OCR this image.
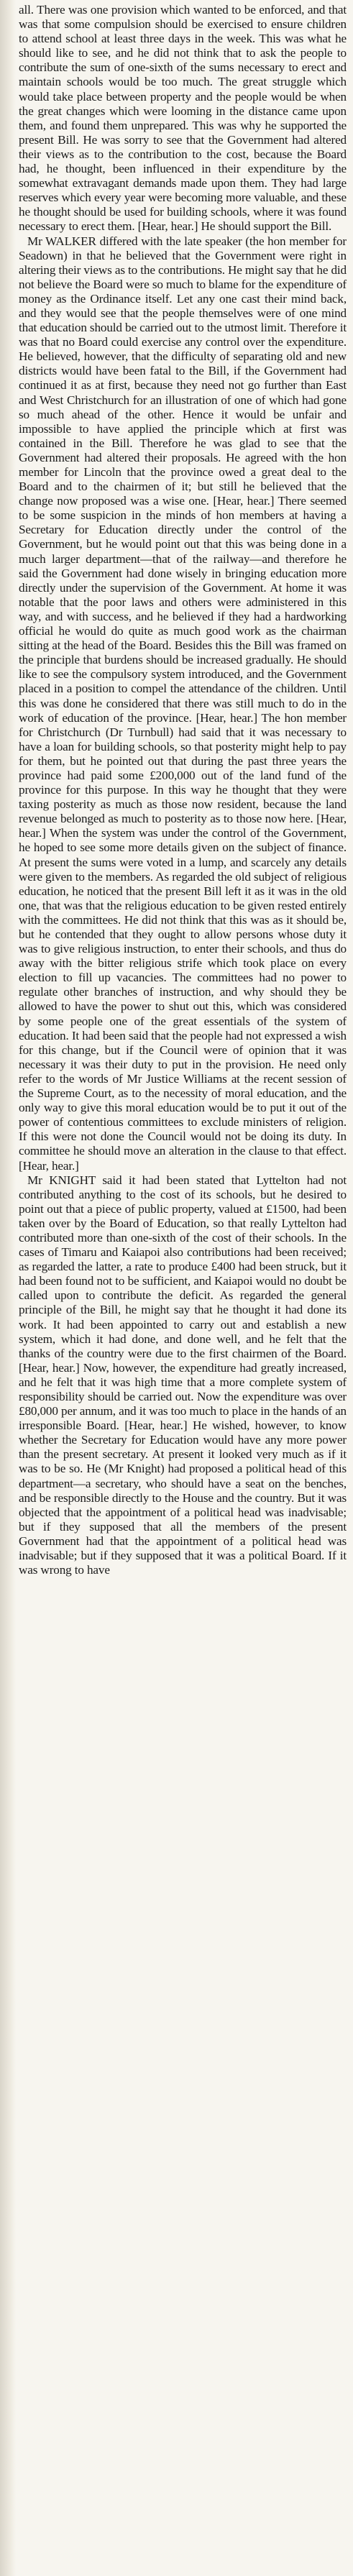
all. There was one provision which wanted to be enforced, and that was that some compulsion should be exercised to ensure children to attend school at least three days in the week. This was what he should like to see, and he did not think that to ask the people to contribute the sum of one-sixth of the sums necessary to erect and maintain schools would be too much. The great struggle which would take place between property and the people would be when the great changes which were looming in the distance came upon them, and found them unprepared. This was why he supported the present Bill. He was sorry to see that the Government had altered their views as to the contribution to the cost, because the Board had, he thought, been influenced in their expenditure by the somewhat extravagant demands made upon them. They had large reserves which every year were becoming more valuable, and these he thought should be used for building schools, where it was found necessary to erect them. [Hear, hear.] He should support the Bill.

Mr WALKER differed with the late speaker (the hon member for Seadown) in that he believed that the Government were right in altering their views as to the contributions. He might say that he did not believe the Board were so much to blame for the expenditure of money as the Ordinance itself. Let any one cast their mind back, and they would see that the people themselves were of one mind that education should be carried out to the utmost limit. Therefore it was that no Board could exercise any control over the expenditure. He believed, however, that the difficulty of separating old and new districts would have been fatal to the Bill, if the Government had continued it as at first, because they need not go further than East and West Christchurch for an illustration of one of which had gone so much ahead of the other. Hence it would be unfair and impossible to have applied the principle which at first was contained in the Bill. Therefore he was glad to see that the Government had altered their proposals. He agreed with the hon member for Lincoln that the province owed a great deal to the Board and to the chairmen of it; but still he believed that the change now proposed was a wise one. [Hear, hear.] There seemed to be some suspicion in the minds of hon members at having a Secretary for Education directly under the control of the Government, but he would point out that this was being done in a much larger department—that of the railway—and therefore he said the Government had done wisely in bringing education more directly under the supervision of the Government. At home it was notable that the poor laws and others were administered in this way, and with success, and he believed if they had a hardworking official he would do quite as much good work as the chairman sitting at the head of the Board. Besides this the Bill was framed on the principle that burdens should be increased gradually. He should like to see the compulsory system introduced, and the Government placed in a position to compel the attendance of the children. Until this was done he considered that there was still much to do in the work of education of the province. [Hear, hear.] The hon member for Christchurch (Dr Turnbull) had said that it was necessary to have a loan for building schools, so that posterity might help to pay for them, but he pointed out that during the past three years the province had paid some £200,000 out of the land fund of the province for this purpose. In this way he thought that they were taxing posterity as much as those now resident, because the land revenue belonged as much to posterity as to those now here. [Hear, hear.] When the system was under the control of the Government, he hoped to see some more details given on the subject of finance. At present the sums were voted in a lump, and scarcely any details were given to the members. As regarded the old subject of religious education, he noticed that the present Bill left it as it was in the old one, that was that the religious education to be given rested entirely with the committees. He did not think that this was as it should be, but he contended that they ought to allow persons whose duty it was to give religious instruction, to enter their schools, and thus do away with the bitter religious strife which took place on every election to fill up vacancies. The committees had no power to regulate other branches of instruction, and why should they be allowed to have the power to shut out this, which was considered by some people one of the great essentials of the system of education. It had been said that the people had not expressed a wish for this change, but if the Council were of opinion that it was necessary it was their duty to put in the provision. He need only refer to the words of Mr Justice Williams at the recent session of the Supreme Court, as to the necessity of moral education, and the only way to give this moral education would be to put it out of the power of contentious committees to exclude ministers of religion. If this were not done the Council would not be doing its duty. In committee he should move an alteration in the clause to that effect. [Hear, hear.]

Mr KNIGHT said it had been stated that Lyttelton had not contributed anything to the cost of its schools, but he desired to point out that a piece of public property, valued at £1500, had been taken over by the Board of Education, so that really Lyttelton had contributed more than one-sixth of the cost of their schools. In the cases of Timaru and Kaiapoi also contributions had been received; as regarded the latter, a rate to produce £400 had been struck, but it had been found not to be sufficient, and Kaiapoi would no doubt be called upon to contribute the deficit. As regarded the general principle of the Bill, he might say that he thought it had done its work. It had been appointed to carry out and establish a new system, which it had done, and done well, and he felt that the thanks of the country were due to the first chairmen of the Board. [Hear, hear.] Now, however, the expenditure had greatly increased, and he felt that it was high time that a more complete system of responsibility should be carried out. Now the expenditure was over £80,000 per annum, and it was too much to place in the hands of an irresponsible Board. [Hear, hear.] He wished, however, to know whether the Secretary for Education would have any more power than the present secretary. At present it looked very much as if it was to be so. He (Mr Knight) had proposed a political head of this department—a secretary, who should have a seat on the benches, and be responsible directly to the House and the country. But it was objected that the appointment of a political head was inadvisable; but if they supposed that all the members of the present Government had that the appointment of a political head was inadvisable; but if they supposed that it was a political Board. If it was wrong to have
